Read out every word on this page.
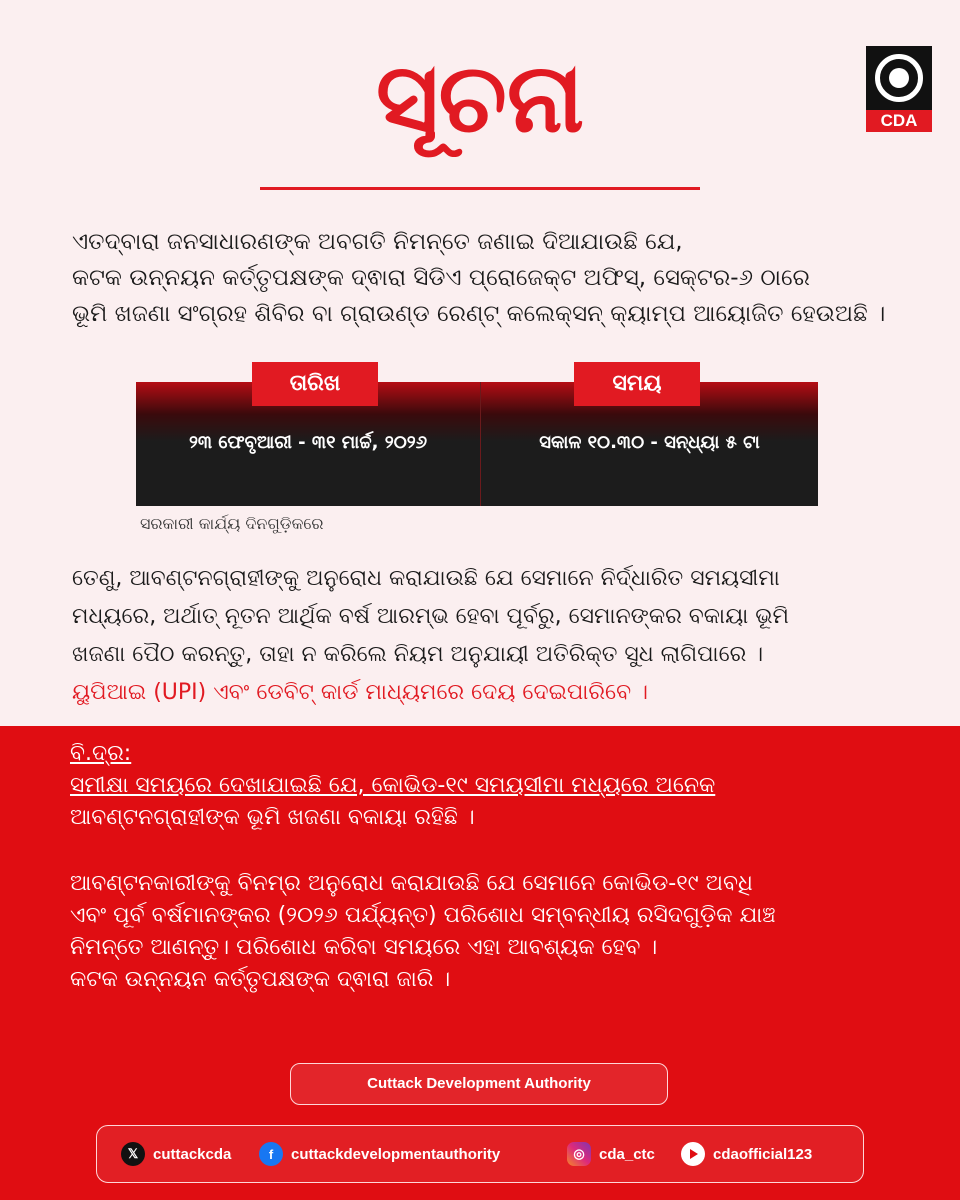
ସୂଚନା	CDA
ଏତଦ୍ବାରା ଜନସାଧାରଣଙ୍କ ଅବଗତି ନିମନ୍ତେ ଜଣାଇ ଦିଆଯାଉଛି ଯେ,
କଟକ ଉନ୍ନୟନ କର୍ତ୍ତୃପକ୍ଷଙ୍କ ଦ୍ଵାରା ସିଡିଏ ପ୍ରୋଜେକ୍ଟ ଅଫିସ୍, ସେକ୍ଟର-୬ ଠାରେ
ଭୂମି ଖଜଣା ସଂଗ୍ରହ ଶିବିର ବା ଗ୍ରାଉଣ୍ଡ ରେଣ୍ଟ୍ କଲେକ୍ସନ୍ କ୍ୟାମ୍ପ ଆୟୋଜିତ ହେଉଅଛି ।
ତାରିଖ	ସମୟ
୨୩ ଫେବୃଆରୀ - ୩୧ ମାର୍ଚ୍ଚ, ୨୦୨୬	ସକାଳ ୧୦.୩୦ - ସନ୍ଧ୍ୟା ୫ ଟା
ସରକାରୀ କାର୍ଯ୍ୟ ଦିନଗୁଡ଼ିକରେ
ତେଣୁ, ଆବଣ୍ଟନଗ୍ରାହୀଙ୍କୁ ଅନୁରୋଧ କରାଯାଉଛି ଯେ ସେମାନେ ନିର୍ଦ୍ଧାରିତ ସମୟସୀମା
ମଧ୍ୟରେ, ଅର୍ଥାତ୍ ନୂତନ ଆର୍ଥିକ ବର୍ଷ ଆରମ୍ଭ ହେବା ପୂର୍ବରୁ, ସେମାନଙ୍କର ବକାୟା ଭୂମି
ଖଜଣା ପୈଠ କରନ୍ତୁ, ତାହା ନ କରିଲେ ନିୟମ ଅନୁଯାୟୀ ଅତିରିକ୍ତ ସୁଧ ଲାଗିପାରେ ।
ୟୁପିଆଇ (UPI) ଏବଂ ଡେବିଟ୍ କାର୍ଡ ମାଧ୍ୟମରେ ଦେୟ ଦେଇପାରିବେ ।
ବି.ଦ୍ର:
ସମୀକ୍ଷା ସମୟରେ ଦେଖାଯାଇଛି ଯେ, କୋଭିଡ-୧୯ ସମୟସୀମା ମଧ୍ୟରେ ଅନେକ
ଆବଣ୍ଟନଗ୍ରାହୀଙ୍କ ଭୂମି ଖଜଣା ବକାୟା ରହିଛି ।
ଆବଣ୍ଟନକାରୀଙ୍କୁ ବିନମ୍ର ଅନୁରୋଧ କରାଯାଉଛି ଯେ ସେମାନେ କୋଭିଡ-୧୯ ଅବଧି
ଏବଂ ପୂର୍ବ ବର୍ଷମାନଙ୍କର (୨୦୨୬ ପର୍ଯ୍ୟନ୍ତ) ପରିଶୋଧ ସମ୍ବନ୍ଧୀୟ ରସିଦଗୁଡ଼ିକ ଯାଞ୍ଚ
ନିମନ୍ତେ ଆଣନ୍ତୁ। ପରିଶୋଧ କରିବା ସମୟରେ ଏହା ଆବଶ୍ୟକ ହେବ ।
କଟକ ଉନ୍ନୟନ କର୍ତ୍ତୃପକ୍ଷଙ୍କ ଦ୍ଵାରା ଜାରି ।
Cuttack Development Authority
𝕏 cuttackcda	f	cuttackdevelopmentauthority	◎ cda_ctc	cdaofficial123
